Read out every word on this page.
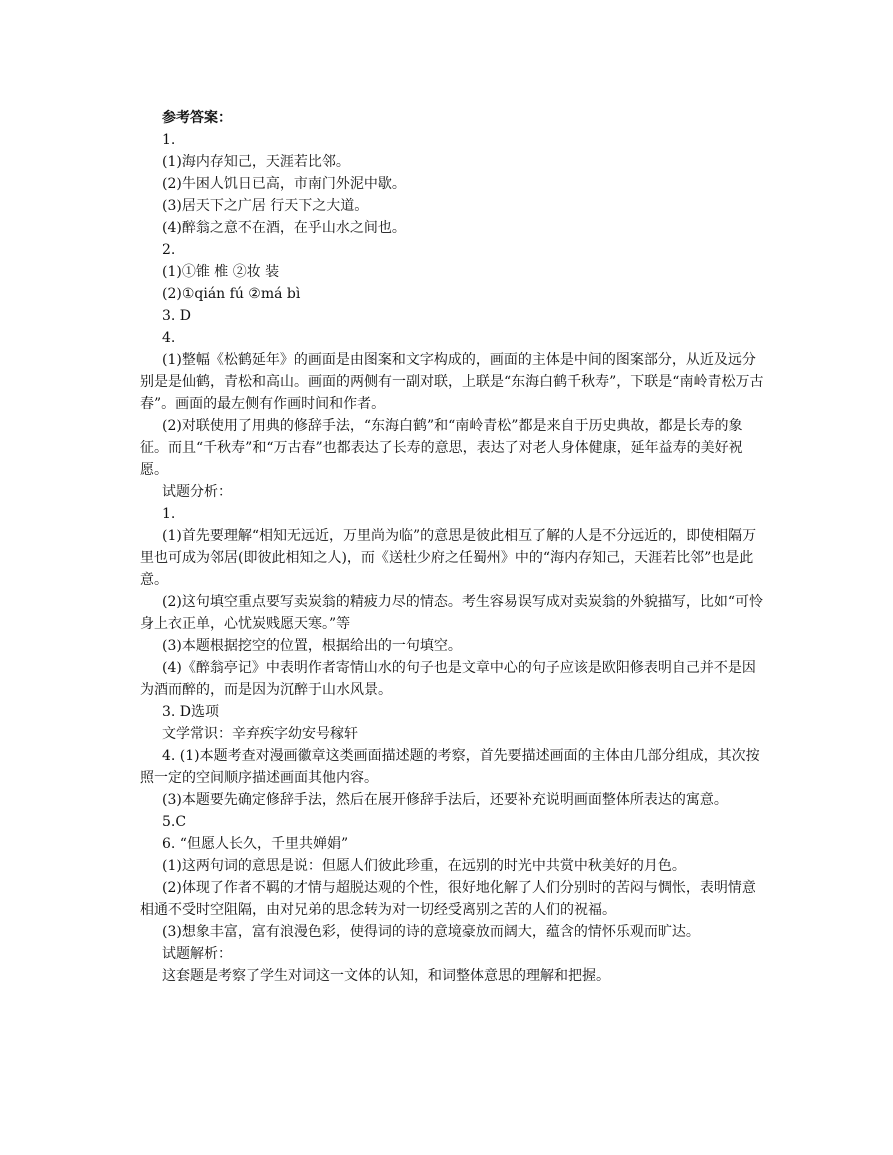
参考答案：
1.
(1)海内存知己，天涯若比邻。
(2)牛困人饥日已高，市南门外泥中歇。
(3)居天下之广居 行天下之大道。
(4)醉翁之意不在酒，在乎山水之间也。
2.
(1)①锥 椎 ②妆 装
(2)①qián fú ②má bì
3. D
4.
(1)整幅《松鹤延年》的画面是由图案和文字构成的，画面的主体是中间的图案部分，从近及远分别是是仙鹤，青松和高山。画面的两侧有一副对联，上联是“东海白鹤千秋寿”，下联是“南岭青松万古春”。画面的最左侧有作画时间和作者。
(2)对联使用了用典的修辞手法，“东海白鹤”和“南岭青松”都是来自于历史典故，都是长寿的象征。而且“千秋寿”和“万古春”也都表达了长寿的意思，表达了对老人身体健康，延年益寿的美好祝愿。
试题分析：
1.
(1)首先要理解“相知无远近，万里尚为临”的意思是彼此相互了解的人是不分远近的，即使相隔万里也可成为邻居(即彼此相知之人)，而《送杜少府之任蜀州》中的“海内存知己，天涯若比邻”也是此意。
(2)这句填空重点要写卖炭翁的精疲力尽的情态。考生容易误写成对卖炭翁的外貌描写，比如“可怜身上衣正单，心忧炭贱愿天寒。”等
(3)本题根据挖空的位置，根据给出的一句填空。
(4)《醉翁亭记》中表明作者寄情山水的句子也是文章中心的句子应该是欧阳修表明自己并不是因为酒而醉的，而是因为沉醉于山水风景。
3. D选项
文学常识：辛弃疾字幼安号稼轩
4. (1)本题考查对漫画徽章这类画面描述题的考察，首先要描述画面的主体由几部分组成，其次按照一定的空间顺序描述画面其他内容。
(3)本题要先确定修辞手法，然后在展开修辞手法后，还要补充说明画面整体所表达的寓意。
5.C
6. “但愿人长久，千里共婵娟”
(1)这两句词的意思是说：但愿人们彼此珍重，在远别的时光中共赏中秋美好的月色。
(2)体现了作者不羁的才情与超脱达观的个性，很好地化解了人们分别时的苦闷与惆怅，表明情意相通不受时空阻隔，由对兄弟的思念转为对一切经受离别之苦的人们的祝福。
(3)想象丰富，富有浪漫色彩，使得词的诗的意境豪放而阔大，蕴含的情怀乐观而旷达。
试题解析：
这套题是考察了学生对词这一文体的认知，和词整体意思的理解和把握。
